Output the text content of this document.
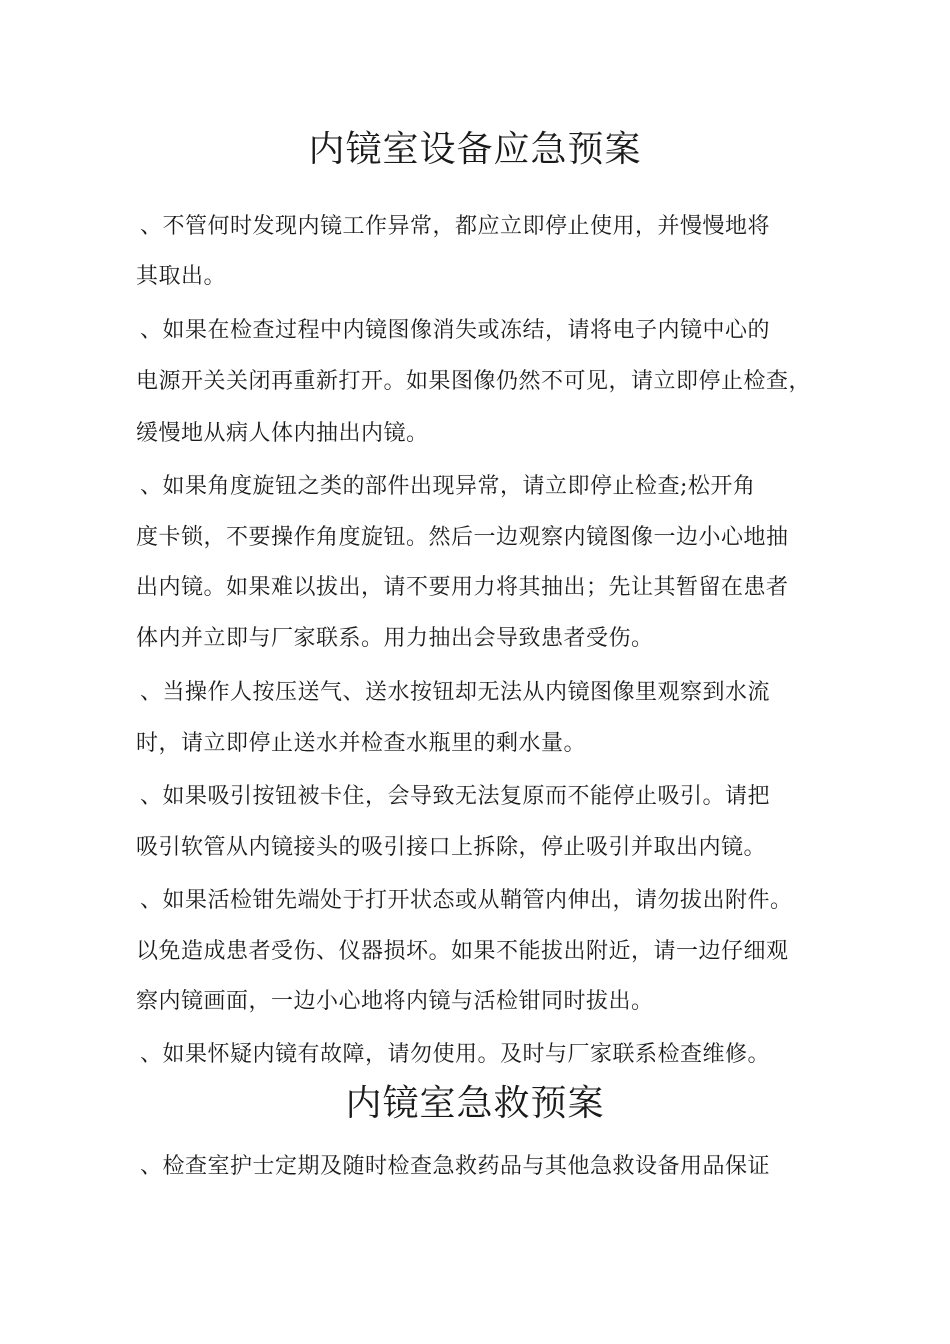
内镜室设备应急预案
、不管何时发现内镜工作异常，都应立即停止使用，并慢慢地将
其取出。
、如果在检查过程中内镜图像消失或冻结，请将电子内镜中心的
电源开关关闭再重新打开。如果图像仍然不可见，请立即停止检查，
缓慢地从病人体内抽出内镜。
、如果角度旋钮之类的部件出现异常，请立即停止检查;松开角
度卡锁，不要操作角度旋钮。然后一边观察内镜图像一边小心地抽
出内镜。如果难以拔出，请不要用力将其抽出；先让其暂留在患者
体内并立即与厂家联系。用力抽出会导致患者受伤。
、当操作人按压送气、送水按钮却无法从内镜图像里观察到水流
时，请立即停止送水并检查水瓶里的剩水量。
、如果吸引按钮被卡住，会导致无法复原而不能停止吸引。请把
吸引软管从内镜接头的吸引接口上拆除，停止吸引并取出内镜。
、如果活检钳先端处于打开状态或从鞘管内伸出，请勿拔出附件。
以免造成患者受伤、仪器损坏。如果不能拔出附近，请一边仔细观
察内镜画面，一边小心地将内镜与活检钳同时拔出。
、如果怀疑内镜有故障，请勿使用。及时与厂家联系检查维修。
内镜室急救预案
、检查室护士定期及随时检查急救药品与其他急救设备用品保证
